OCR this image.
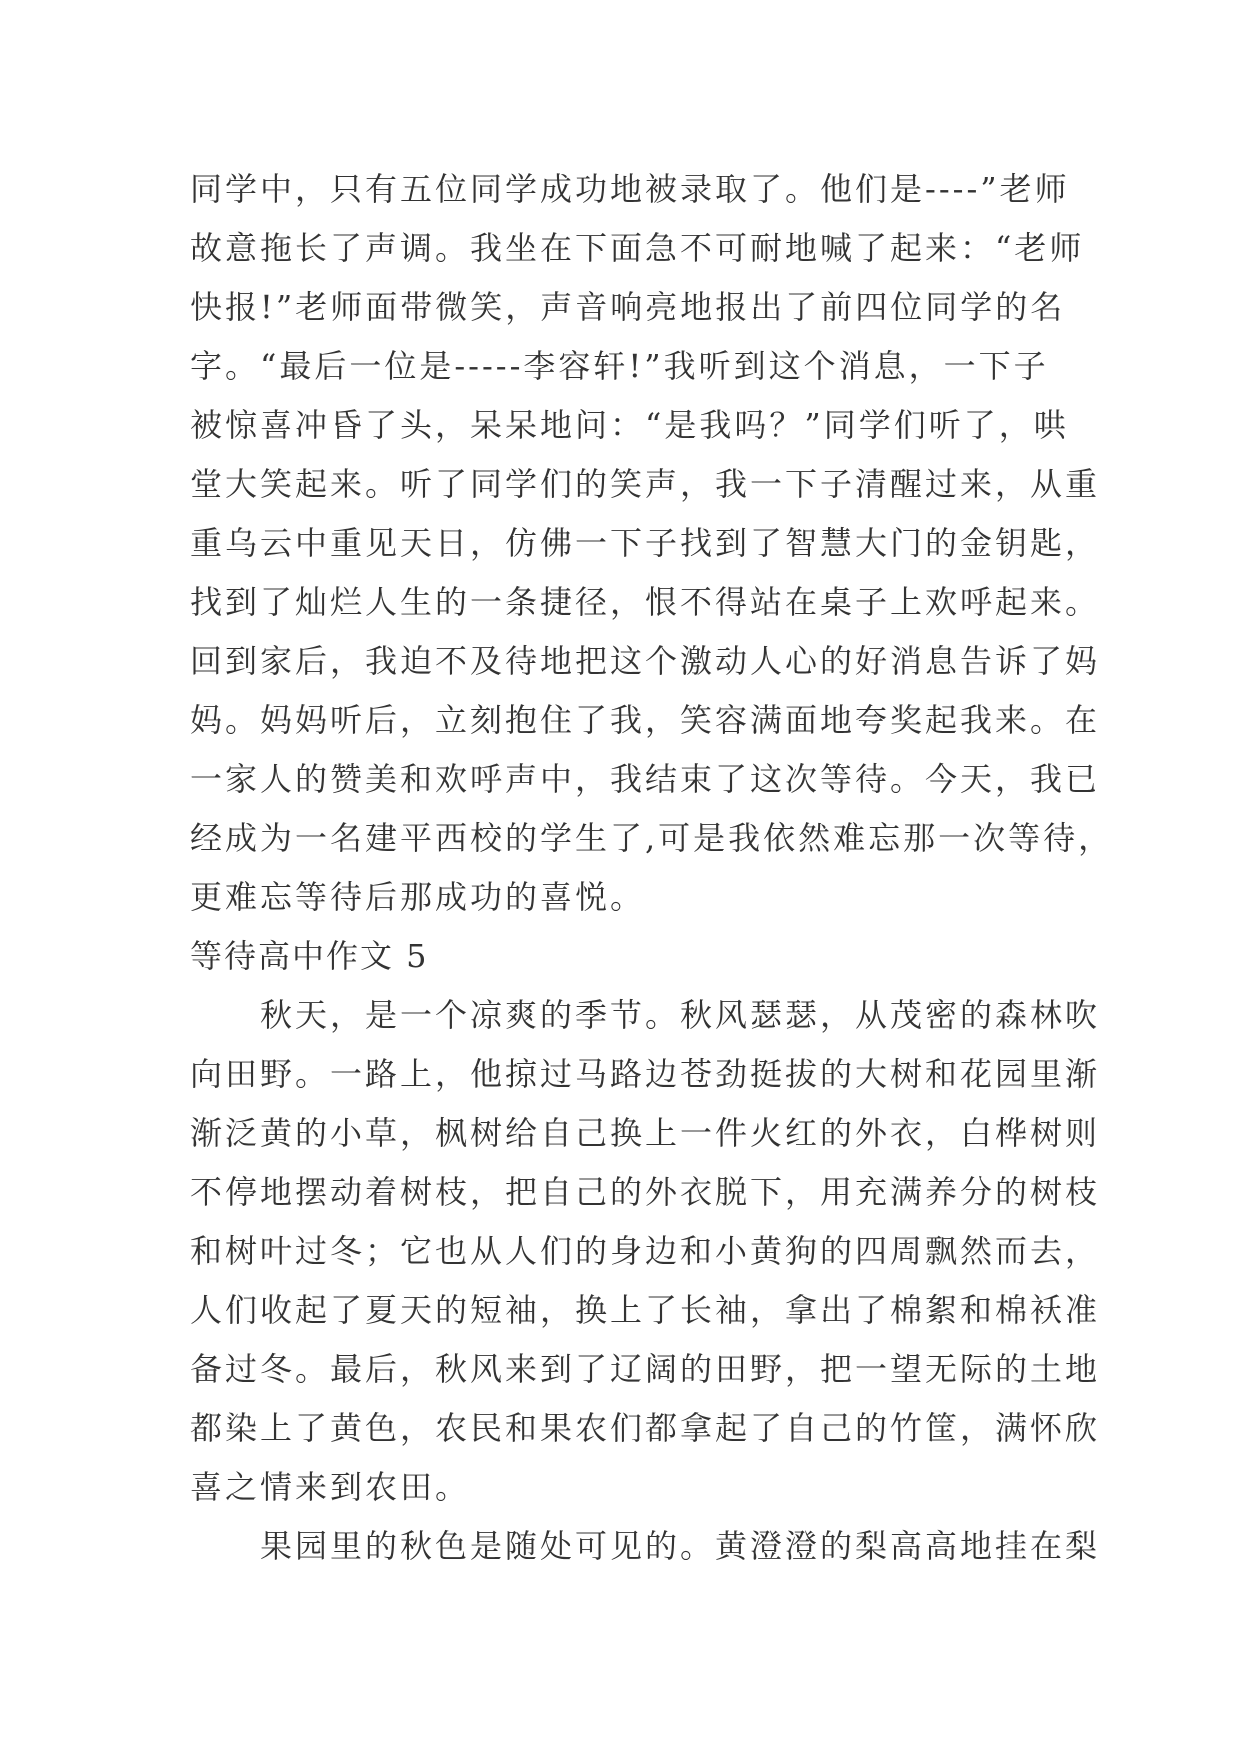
同学中，只有五位同学成功地被录取了。他们是----”老师
故意拖长了声调。我坐在下面急不可耐地喊了起来：“老师
快报!”老师面带微笑，声音响亮地报出了前四位同学的名
字。“最后一位是-----李容轩!”我听到这个消息，一下子
被惊喜冲昏了头，呆呆地问：“是我吗？”同学们听了，哄
堂大笑起来。听了同学们的笑声，我一下子清醒过来，从重
重乌云中重见天日，仿佛一下子找到了智慧大门的金钥匙，
找到了灿烂人生的一条捷径，恨不得站在桌子上欢呼起来。
回到家后，我迫不及待地把这个激动人心的好消息告诉了妈
妈。妈妈听后，立刻抱住了我，笑容满面地夸奖起我来。在
一家人的赞美和欢呼声中，我结束了这次等待。今天，我已
经成为一名建平西校的学生了,可是我依然难忘那一次等待，
更难忘等待后那成功的喜悦。
等待高中作文 5
秋天，是一个凉爽的季节。秋风瑟瑟，从茂密的森林吹
向田野。一路上，他掠过马路边苍劲挺拔的大树和花园里渐
渐泛黄的小草，枫树给自己换上一件火红的外衣，白桦树则
不停地摆动着树枝，把自己的外衣脱下，用充满养分的树枝
和树叶过冬；它也从人们的身边和小黄狗的四周飘然而去，
人们收起了夏天的短袖，换上了长袖，拿出了棉絮和棉袄准
备过冬。最后，秋风来到了辽阔的田野，把一望无际的土地
都染上了黄色，农民和果农们都拿起了自己的竹筐，满怀欣
喜之情来到农田。
果园里的秋色是随处可见的。黄澄澄的梨高高地挂在梨
